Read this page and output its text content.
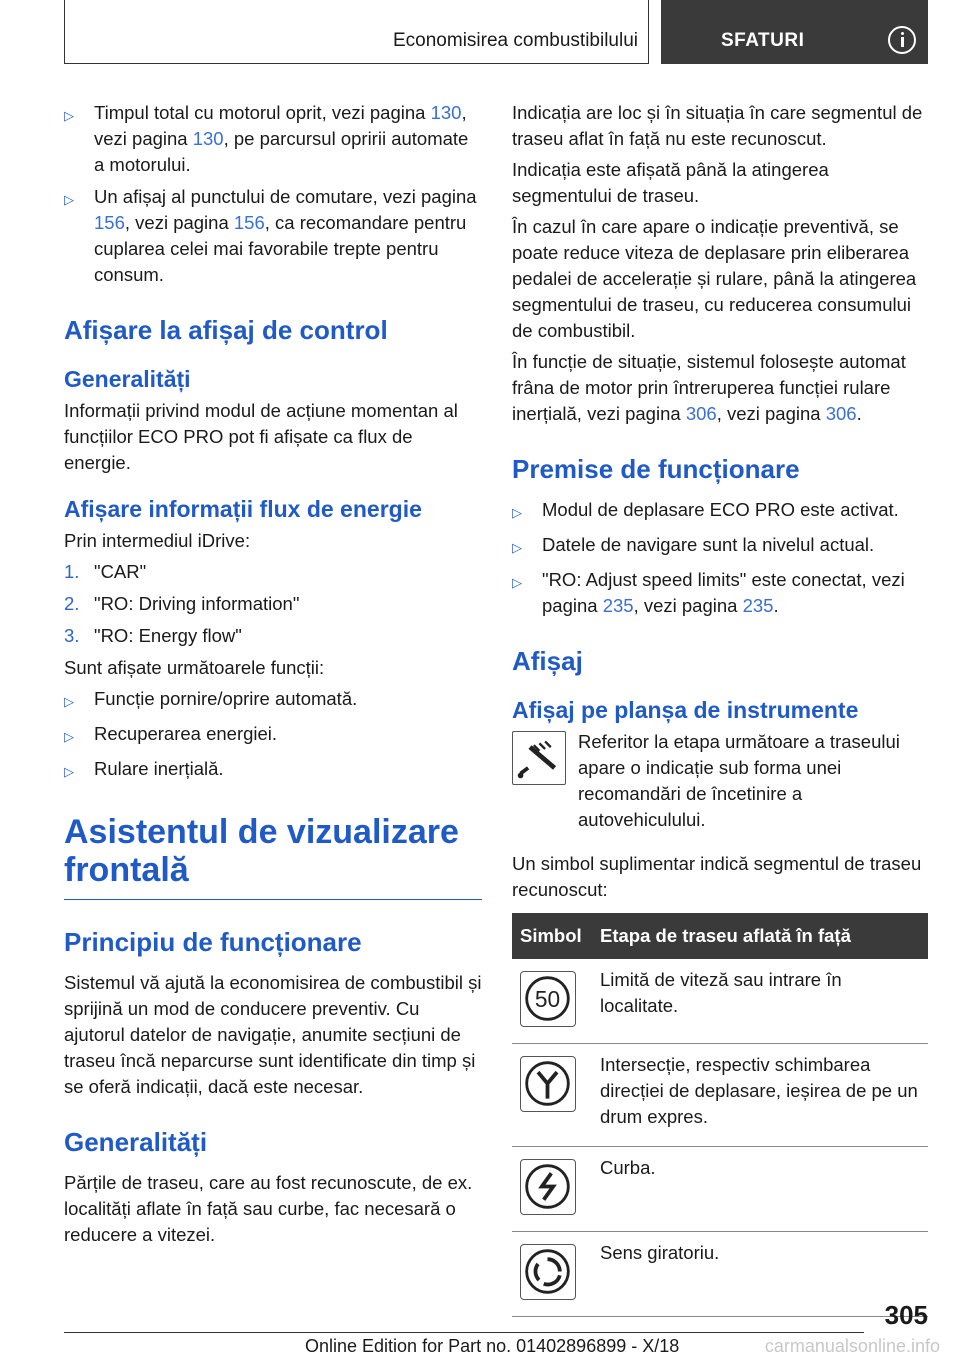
Economisirea combustibilului	SFATURI
▷	Timpul total cu motorul oprit, vezi pagina 130, vezi pagina 130, pe parcursul opririi automate a motorului.
▷	Un afișaj al punctului de comutare, vezi pagina 156, vezi pagina 156, ca recomandare pentru cuplarea celei mai favorabile trepte pentru consum.
Afișare la afișaj de control
Generalități

Informații privind modul de acțiune momentan al funcțiilor ECO PRO pot fi afișate ca flux de energie.

Afișare informații flux de energie

Prin intermediul iDrive:

1. "CAR"
2. "RO: Driving information"
3. "RO: Energy flow"

Sunt afișate următoarele funcții:

▷	Funcție pornire/oprire automată.
▷	Recuperarea energiei.
▷	Rulare inerțială.
Asistentul de vizualizare frontală
Principiu de funcționare

Sistemul vă ajută la economisirea de combustibil și sprijină un mod de conducere preventiv. Cu ajutorul datelor de navigație, anumite secțiuni de traseu încă neparcurse sunt identificate din timp și se oferă indicații, dacă este necesar.

Generalități

Părțile de traseu, care au fost recunoscute, de ex. localități aflate în față sau curbe, fac necesară o reducere a vitezei.

Indicația are loc și în situația în care segmentul de traseu aflat în față nu este recunoscut.

Indicația este afișată până la atingerea segmentului de traseu.

În cazul în care apare o indicație preventivă, se poate reduce viteza de deplasare prin eliberarea pedalei de accelerație și rulare, până la atingerea segmentului de traseu, cu reducerea consumului de combustibil.

În funcție de situație, sistemul folosește automat frâna de motor prin întreruperea funcției rulare inerțială, vezi pagina 306, vezi pagina 306.

Premise de funcționare
▷	Modul de deplasare ECO PRO este activat.
▷	Datele de navigare sunt la nivelul actual.
▷	"RO: Adjust speed limits" este conectat, vezi pagina 235, vezi pagina 235.
Afișaj
Afișaj pe planșa de instrumente
Referitor la etapa următoare a traseului apare o indicație sub forma unei recomandări de încetinire a autovehiculului.

Un simbol suplimentar indică segmentul de traseu recunoscut:

Simbol	Etapa de traseu aflată în față

50	Limită de viteză sau intrare în localitate.

	Intersecție, respectiv schimbarea direcției de deplasare, ieșirea de pe un drum expres.

	Curba.

	Sens giratoriu.
305
Online Edition for Part no. 01402896899 - X/18	carmanualsonline.info
